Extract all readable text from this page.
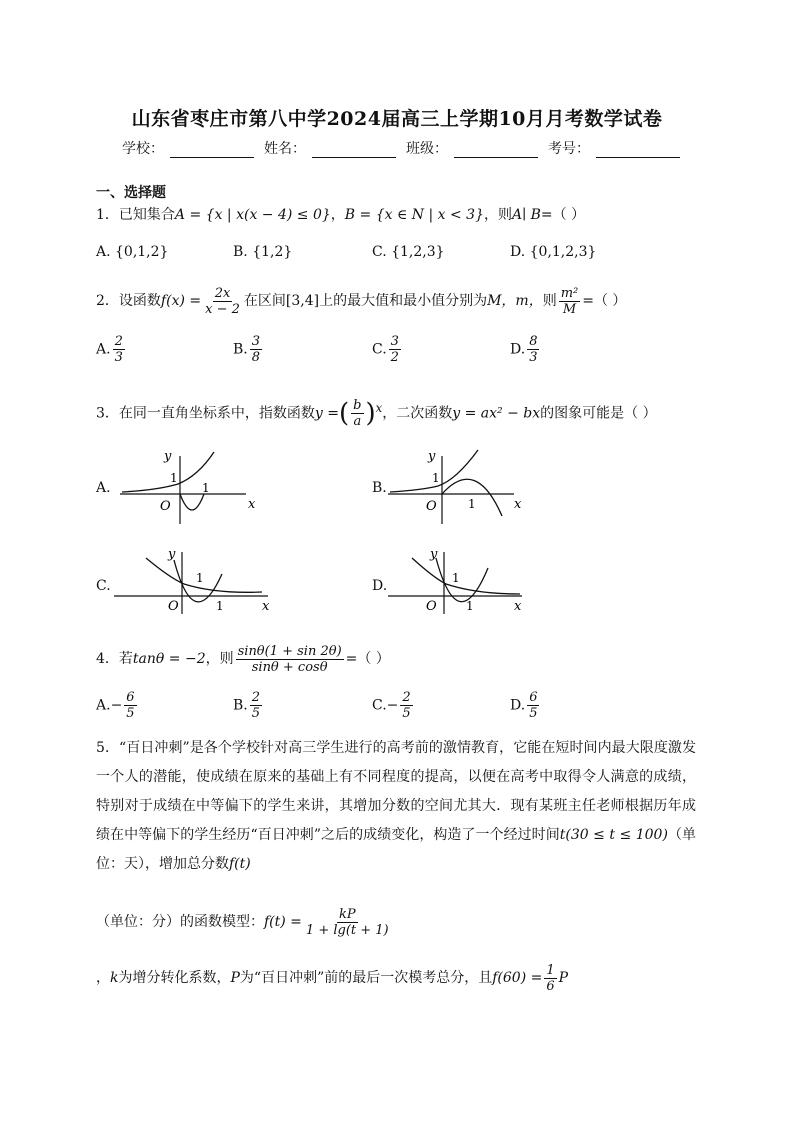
山东省枣庄市第八中学2024届高三上学期10月月考数学试卷
学校：	姓名：	班级：	考号：
一、选择题
1．已知集合A = {x | x(x − 4) ≤ 0}，B = {x ∈ N | x < 3}，则A∣ B=（ ）
A. {0,1,2}	B. {1,2}	C. {1,2,3}	D. {0,1,2,3}
2．设函数$f(x) = \frac{2x}{x - 2}$ 在区间[3,4]上的最大值和最小值分别为M，m，则 $\frac{\text{m²}}{M}$ =（ ）
A. $\frac{2}{3}$	B. $\frac{3}{8}$	C. $\frac{3}{2}$	D. $\frac{8}{3}$
3．在同一直角坐标系中，指数函数y =( $\frac{b}{a} )^x$，二次函数y = ax² − bx的图象可能是（ ）
A.
y
x
O
1
1	B.
y
x
O
1
1
C.
y
x
O
1
1
D.
y
x
O
1
1
4．若tanθ = −2，则 $\frac{\sin\theta(1 + \sin 2\theta)}{\sin\theta + \cos\theta}$ =（ ）
$A.- \frac{6}{5}$	B. $\frac{2}{5}$	$C.- \frac{2}{5}$	D. $\frac{6}{5}$
5．“百日冲刺”是各个学校针对高三学生进行的高考前的激情教育，它能在短时间内最大限度激发一个人的潜能，使成绩在原来的基础上有不同程度的提高，以便在高考中取得令人满意的成绩，特别对于成绩在中等偏下的学生来讲，其增加分数的空间尤其大．现有某班主任老师根据历年成绩在中等偏下的学生经历“百日冲刺”之后的成绩变化，构造了一个经过时间t(30 ≤ t ≤ 100)（单位：天），增加总分数f(t)
（单位：分）的函数模型：$f(t) = \frac{kP}{1 + \lg(t + 1)}$
，k为增分转化系数，P为“百日冲刺”前的最后一次模考总分，且$f(60) = \frac{1}{6}$ P
